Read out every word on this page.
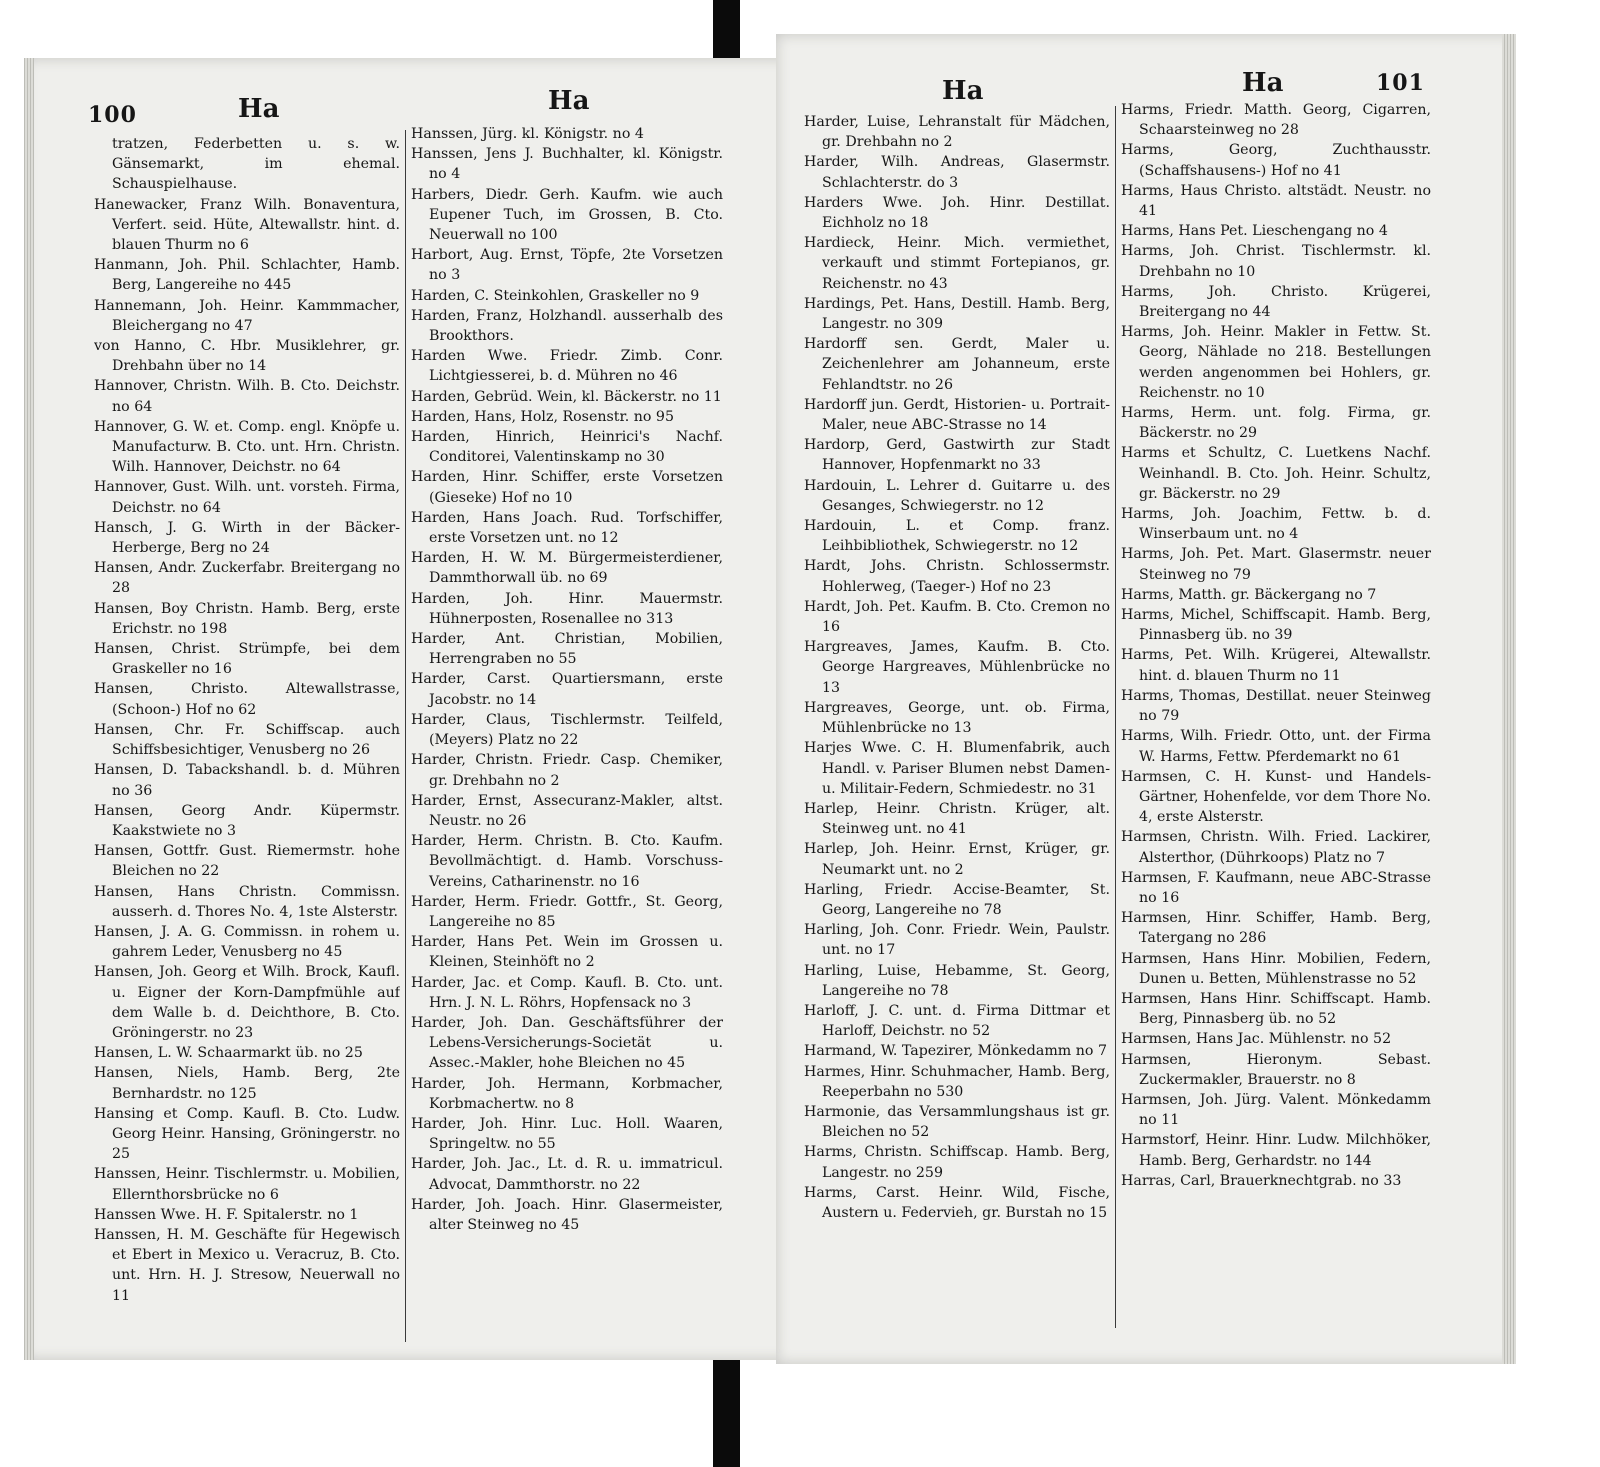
100	Ha	Ha
tratzen, Federbetten u. s. w. Gänsemarkt, im ehemal. Schauspielhause.
Hanewacker, Franz Wilh. Bonaventura, Verfert. seid. Hüte, Altewallstr. hint. d. blauen Thurm no 6
Hanmann, Joh. Phil. Schlachter, Hamb. Berg, Langereihe no 445
Hannemann, Joh. Heinr. Kammmacher, Bleichergang no 47
von Hanno, C. Hbr. Musiklehrer, gr. Drehbahn über no 14
Hannover, Christn. Wilh. B. Cto. Deichstr. no 64
Hannover, G. W. et. Comp. engl. Knöpfe u. Manufacturw. B. Cto. unt. Hrn. Christn. Wilh. Hannover, Deichstr. no 64
Hannover, Gust. Wilh. unt. vorsteh. Firma, Deichstr. no 64
Hansch, J. G. Wirth in der Bäcker-Herberge, Berg no 24
Hansen, Andr. Zuckerfabr. Breitergang no 28
Hansen, Boy Christn. Hamb. Berg, erste Erichstr. no 198
Hansen, Christ. Strümpfe, bei dem Graskeller no 16
Hansen, Christo. Altewallstrasse, (Schoon-) Hof no 62
Hansen, Chr. Fr. Schiffscap. auch Schiffsbesichtiger, Venusberg no 26
Hansen, D. Tabackshandl. b. d. Mühren no 36
Hansen, Georg Andr. Küpermstr. Kaakstwiete no 3
Hansen, Gottfr. Gust. Riemermstr. hohe Bleichen no 22
Hansen, Hans Christn. Commissn. ausserh. d. Thores No. 4, 1ste Alsterstr.
Hansen, J. A. G. Commissn. in rohem u. gahrem Leder, Venusberg no 45
Hansen, Joh. Georg et Wilh. Brock, Kaufl. u. Eigner der Korn-Dampfmühle auf dem Walle b. d. Deichthore, B. Cto. Gröningerstr. no 23
Hansen, L. W. Schaarmarkt üb. no 25
Hansen, Niels, Hamb. Berg, 2te Bernhardstr. no 125
Hansing et Comp. Kaufl. B. Cto. Ludw. Georg Heinr. Hansing, Gröningerstr. no 25
Hanssen, Heinr. Tischlermstr. u. Mobilien, Ellernthorsbrücke no 6
Hanssen Wwe. H. F. Spitalerstr. no 1
Hanssen, H. M. Geschäfte für Hegewisch et Ebert in Mexico u. Veracruz, B. Cto. unt. Hrn. H. J. Stresow, Neuerwall no 11
Hanssen, Jürg. kl. Königstr. no 4
Hanssen, Jens J. Buchhalter, kl. Königstr. no 4
Harbers, Diedr. Gerh. Kaufm. wie auch Eupener Tuch, im Grossen, B. Cto. Neuerwall no 100
Harbort, Aug. Ernst, Töpfe, 2te Vorsetzen no 3
Harden, C. Steinkohlen, Graskeller no 9
Harden, Franz, Holzhandl. ausserhalb des Brookthors.
Harden Wwe. Friedr. Zimb. Conr. Lichtgiesserei, b. d. Mühren no 46
Harden, Gebrüd. Wein, kl. Bäckerstr. no 11
Harden, Hans, Holz, Rosenstr. no 95
Harden, Hinrich, Heinrici's Nachf. Conditorei, Valentinskamp no 30
Harden, Hinr. Schiffer, erste Vorsetzen (Gieseke) Hof no 10
Harden, Hans Joach. Rud. Torfschiffer, erste Vorsetzen unt. no 12
Harden, H. W. M. Bürgermeisterdiener, Dammthorwall üb. no 69
Harden, Joh. Hinr. Mauermstr. Hühnerposten, Rosenallee no 313
Harder, Ant. Christian, Mobilien, Herrengraben no 55
Harder, Carst. Quartiersmann, erste Jacobstr. no 14
Harder, Claus, Tischlermstr. Teilfeld, (Meyers) Platz no 22
Harder, Christn. Friedr. Casp. Chemiker, gr. Drehbahn no 2
Harder, Ernst, Assecuranz-Makler, altst. Neustr. no 26
Harder, Herm. Christn. B. Cto. Kaufm. Bevollmächtigt. d. Hamb. Vorschuss-Vereins, Catharinenstr. no 16
Harder, Herm. Friedr. Gottfr., St. Georg, Langereihe no 85
Harder, Hans Pet. Wein im Grossen u. Kleinen, Steinhöft no 2
Harder, Jac. et Comp. Kaufl. B. Cto. unt. Hrn. J. N. L. Röhrs, Hopfensack no 3
Harder, Joh. Dan. Geschäftsführer der Lebens-Versicherungs-Societät u. Assec.-Makler, hohe Bleichen no 45
Harder, Joh. Hermann, Korbmacher, Korbmachertw. no 8
Harder, Joh. Hinr. Luc. Holl. Waaren, Springeltw. no 55
Harder, Joh. Jac., Lt. d. R. u. immatricul. Advocat, Dammthorstr. no 22
Harder, Joh. Joach. Hinr. Glasermeister, alter Steinweg no 45
Ha	Ha	101
Harder, Luise, Lehranstalt für Mädchen, gr. Drehbahn no 2
Harder, Wilh. Andreas, Glasermstr. Schlachterstr. do 3
Harders Wwe. Joh. Hinr. Destillat. Eichholz no 18
Hardieck, Heinr. Mich. vermiethet, verkauft und stimmt Fortepianos, gr. Reichenstr. no 43
Hardings, Pet. Hans, Destill. Hamb. Berg, Langestr. no 309
Hardorff sen. Gerdt, Maler u. Zeichenlehrer am Johanneum, erste Fehlandtstr. no 26
Hardorff jun. Gerdt, Historien- u. Portrait-Maler, neue ABC-Strasse no 14
Hardorp, Gerd, Gastwirth zur Stadt Hannover, Hopfenmarkt no 33
Hardouin, L. Lehrer d. Guitarre u. des Gesanges, Schwiegerstr. no 12
Hardouin, L. et Comp. franz. Leihbibliothek, Schwiegerstr. no 12
Hardt, Johs. Christn. Schlossermstr. Hohlerweg, (Taeger-) Hof no 23
Hardt, Joh. Pet. Kaufm. B. Cto. Cremon no 16
Hargreaves, James, Kaufm. B. Cto. George Hargreaves, Mühlenbrücke no 13
Hargreaves, George, unt. ob. Firma, Mühlenbrücke no 13
Harjes Wwe. C. H. Blumenfabrik, auch Handl. v. Pariser Blumen nebst Damen- u. Militair-Federn, Schmiedestr. no 31
Harlep, Heinr. Christn. Krüger, alt. Steinweg unt. no 41
Harlep, Joh. Heinr. Ernst, Krüger, gr. Neumarkt unt. no 2
Harling, Friedr. Accise-Beamter, St. Georg, Langereihe no 78
Harling, Joh. Conr. Friedr. Wein, Paulstr. unt. no 17
Harling, Luise, Hebamme, St. Georg, Langereihe no 78
Harloff, J. C. unt. d. Firma Dittmar et Harloff, Deichstr. no 52
Harmand, W. Tapezirer, Mönkedamm no 7
Harmes, Hinr. Schuhmacher, Hamb. Berg, Reeperbahn no 530
Harmonie, das Versammlungshaus ist gr. Bleichen no 52
Harms, Christn. Schiffscap. Hamb. Berg, Langestr. no 259
Harms, Carst. Heinr. Wild, Fische, Austern u. Federvieh, gr. Burstah no 15
Harms, Friedr. Matth. Georg, Cigarren, Schaarsteinweg no 28
Harms, Georg, Zuchthausstr. (Schaffshausens-) Hof no 41
Harms, Haus Christo. altstädt. Neustr. no 41
Harms, Hans Pet. Lieschengang no 4
Harms, Joh. Christ. Tischlermstr. kl. Drehbahn no 10
Harms, Joh. Christo. Krügerei, Breitergang no 44
Harms, Joh. Heinr. Makler in Fettw. St. Georg, Nählade no 218. Bestellungen werden angenommen bei Hohlers, gr. Reichenstr. no 10
Harms, Herm. unt. folg. Firma, gr. Bäckerstr. no 29
Harms et Schultz, C. Luetkens Nachf. Weinhandl. B. Cto. Joh. Heinr. Schultz, gr. Bäckerstr. no 29
Harms, Joh. Joachim, Fettw. b. d. Winserbaum unt. no 4
Harms, Joh. Pet. Mart. Glasermstr. neuer Steinweg no 79
Harms, Matth. gr. Bäckergang no 7
Harms, Michel, Schiffscapit. Hamb. Berg, Pinnasberg üb. no 39
Harms, Pet. Wilh. Krügerei, Altewallstr. hint. d. blauen Thurm no 11
Harms, Thomas, Destillat. neuer Steinweg no 79
Harms, Wilh. Friedr. Otto, unt. der Firma W. Harms, Fettw. Pferdemarkt no 61
Harmsen, C. H. Kunst- und Handels-Gärtner, Hohenfelde, vor dem Thore No. 4, erste Alsterstr.
Harmsen, Christn. Wilh. Fried. Lackirer, Alsterthor, (Dührkoops) Platz no 7
Harmsen, F. Kaufmann, neue ABC-Strasse no 16
Harmsen, Hinr. Schiffer, Hamb. Berg, Tatergang no 286
Harmsen, Hans Hinr. Mobilien, Federn, Dunen u. Betten, Mühlenstrasse no 52
Harmsen, Hans Hinr. Schiffscapt. Hamb. Berg, Pinnasberg üb. no 52
Harmsen, Hans Jac. Mühlenstr. no 52
Harmsen, Hieronym. Sebast. Zuckermakler, Brauerstr. no 8
Harmsen, Joh. Jürg. Valent. Mönkedamm no 11
Harmstorf, Heinr. Hinr. Ludw. Milchhöker, Hamb. Berg, Gerhardstr. no 144
Harras, Carl, Brauerknechtgrab. no 33
